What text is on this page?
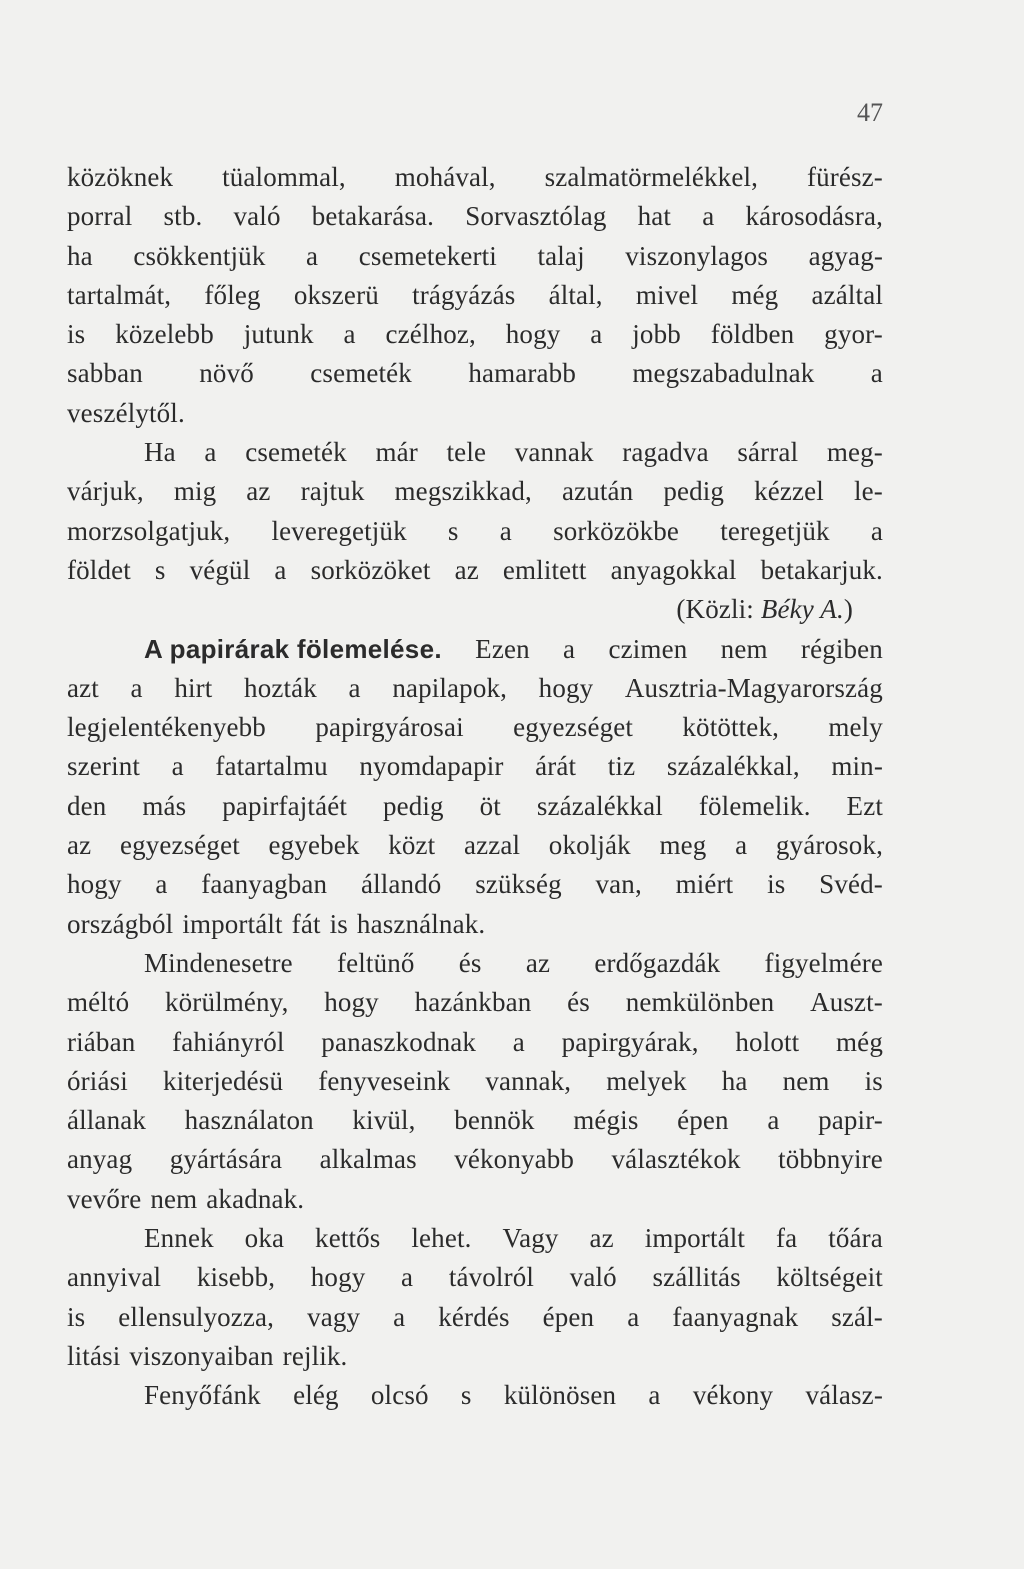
47
közöknek tüalommal, mohával, szalmatörmelékkel, fürész-
porral stb. való betakarása. Sorvasztólag hat a károsodásra,
ha csökkentjük a csemetekerti talaj viszonylagos agyag-
tartalmát, főleg okszerü trágyázás által, mivel még azáltal
is közelebb jutunk a czélhoz, hogy a jobb földben gyor-
sabban növő csemeték hamarabb megszabadulnak a
veszélytől.
Ha a csemeték már tele vannak ragadva sárral meg-
várjuk, mig az rajtuk megszikkad, azután pedig kézzel le-
morzsolgatjuk, leveregetjük s a sorközökbe teregetjük a
földet s végül a sorközöket az emlitett anyagokkal betakarjuk.
(Közli:
Béky A. )
A papirárak fölemelése. Ezen a czimen nem régiben
azt a hirt hozták a napilapok, hogy Ausztria-Magyarország
legjelentékenyebb papirgyárosai egyezséget kötöttek, mely
szerint a fatartalmu nyomdapapir árát tiz százalékkal, min-
den más papirfajtáét pedig öt százalékkal fölemelik. Ezt
az egyezséget egyebek közt azzal okolják meg a gyárosok,
hogy a faanyagban állandó szükség van, miért is Svéd-
országból importált fát is használnak.
Mindenesetre feltünő és az erdőgazdák figyelmére
méltó körülmény, hogy hazánkban és nemkülönben Auszt-
riában fahiányról panaszkodnak a papirgyárak, holott még
óriási kiterjedésü fenyveseink vannak, melyek ha nem is
állanak használaton kivül, bennök mégis épen a papir-
anyag gyártására alkalmas vékonyabb választékok többnyire
vevőre nem akadnak.
Ennek oka kettős lehet. Vagy az importált fa tőára
annyival kisebb, hogy a távolról való szállitás költségeit
is ellensulyozza, vagy a kérdés épen a faanyagnak szál-
litási viszonyaiban rejlik.
Fenyőfánk elég olcsó s különösen a vékony válasz-
